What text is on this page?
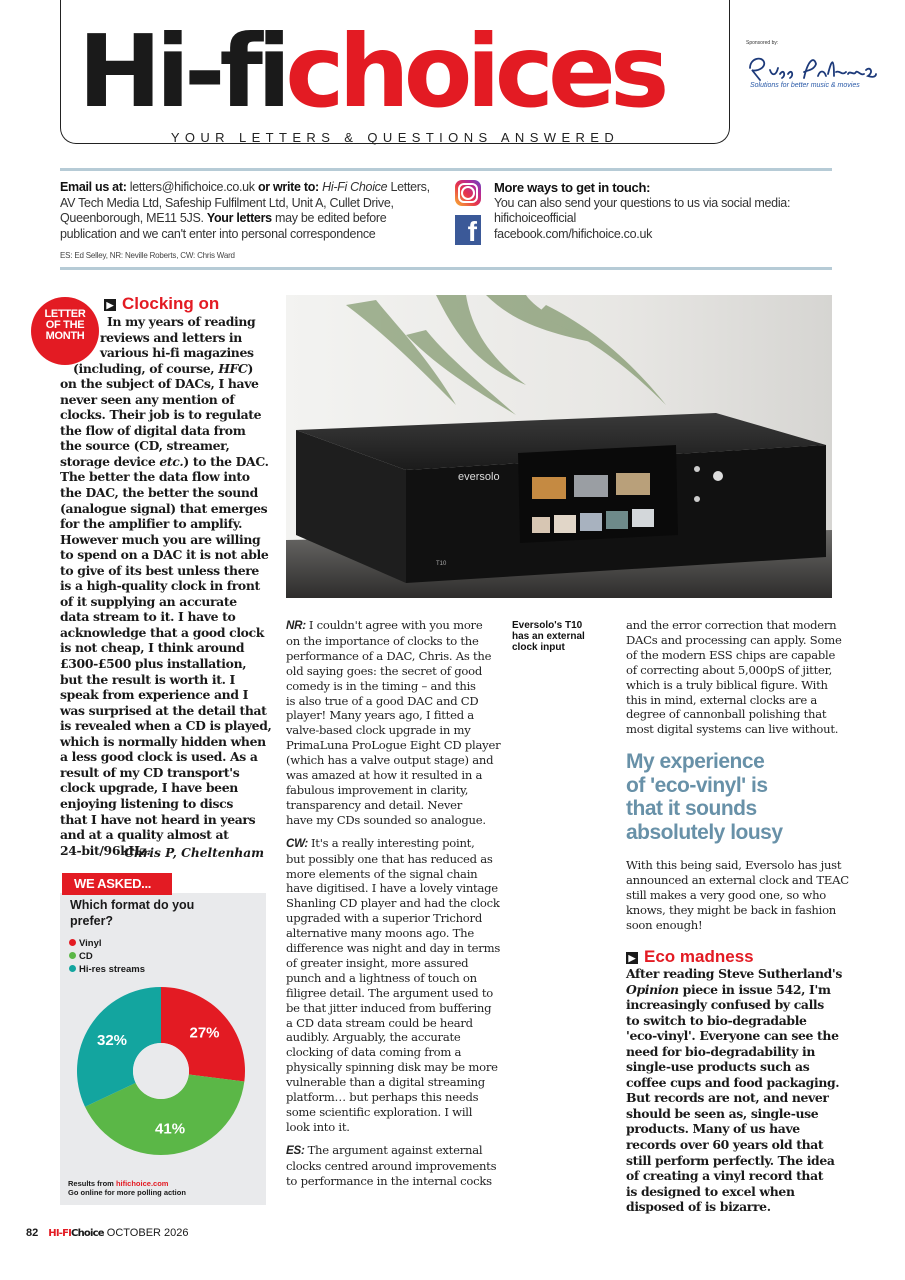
Hi-fichoices
YOUR LETTERS & QUESTIONS ANSWERED
Sponsored by:
Solutions for better music & movies
Email us at: letters@hifichoice.co.uk or write to: Hi-Fi Choice Letters, AV Tech Media Ltd, Safeship Fulfilment Ltd, Unit A, Cullet Drive, Queenborough, ME11 5JS. Your letters may be edited before publication and we can't enter into personal correspondence
ES: Ed Selley, NR: Neville Roberts, CW: Chris Ward
f
More ways to get in touch:
You can also send your questions to us via social media:
hifichoiceofficial
facebook.com/hifichoice.co.uk
LETTER
OF THE
MONTH
▶ Clocking on
In my years of reading
reviews and letters in
various hi-fi magazines
(including, of course, HFC)
on the subject of DACs, I have
never seen any mention of
clocks. Their job is to regulate
the flow of digital data from
the source (CD, streamer,
storage device etc.) to the DAC.
The better the data flow into
the DAC, the better the sound
(analogue signal) that emerges
for the amplifier to amplify.
However much you are willing
to spend on a DAC it is not able
to give of its best unless there
is a high-quality clock in front
of it supplying an accurate
data stream to it. I have to
acknowledge that a good clock
is not cheap, I think around
£300-£500 plus installation,
but the result is worth it. I
speak from experience and I
was surprised at the detail that
is revealed when a CD is played,
which is normally hidden when
a less good clock is used. As a
result of my CD transport's
clock upgrade, I have been
enjoying listening to discs
that I have not heard in years
and at a quality almost at
24-bit/96kHz.
Chris P, Cheltenham
WE ASKED...
Which format do you prefer?
Vinyl
CD
Hi-res streams
27%
41%
32%
Results from hifichoice.com
Go online for more polling action
eversolo
T10
Eversolo's T10 has an external clock input
NR: I couldn't agree with you more
on the importance of clocks to the
performance of a DAC, Chris. As the
old saying goes: the secret of good
comedy is in the timing – and this
is also true of a good DAC and CD
player! Many years ago, I fitted a
valve-based clock upgrade in my
PrimaLuna ProLogue Eight CD player
(which has a valve output stage) and
was amazed at how it resulted in a
fabulous improvement in clarity,
transparency and detail. Never
have my CDs sounded so analogue.
CW: It's a really interesting point,
but possibly one that has reduced as
more elements of the signal chain
have digitised. I have a lovely vintage
Shanling CD player and had the clock
upgraded with a superior Trichord
alternative many moons ago. The
difference was night and day in terms
of greater insight, more assured
punch and a lightness of touch on
filigree detail. The argument used to
be that jitter induced from buffering
a CD data stream could be heard
audibly. Arguably, the accurate
clocking of data coming from a
physically spinning disk may be more
vulnerable than a digital streaming
platform… but perhaps this needs
some scientific exploration. I will
look into it.
ES: The argument against external
clocks centred around improvements
to performance in the internal cocks
and the error correction that modern
DACs and processing can apply. Some
of the modern ESS chips are capable
of correcting about 5,000pS of jitter,
which is a truly biblical figure. With
this in mind, external clocks are a
degree of cannonball polishing that
most digital systems can live without.
My experience
of 'eco-vinyl' is
that it sounds
absolutely lousy
With this being said, Eversolo has just
announced an external clock and TEAC
still makes a very good one, so who
knows, they might be back in fashion
soon enough!
▶ Eco madness
After reading Steve Sutherland's
Opinion piece in issue 542, I'm
increasingly confused by calls
to switch to bio-degradable
'eco-vinyl'. Everyone can see the
need for bio-degradability in
single-use products such as
coffee cups and food packaging.
But records are not, and never
should be seen as, single-use
products. Many of us have
records over 60 years old that
still perform perfectly. The idea
of creating a vinyl record that
is designed to excel when
disposed of is bizarre.
82 HI-FIChoice OCTOBER 2026
